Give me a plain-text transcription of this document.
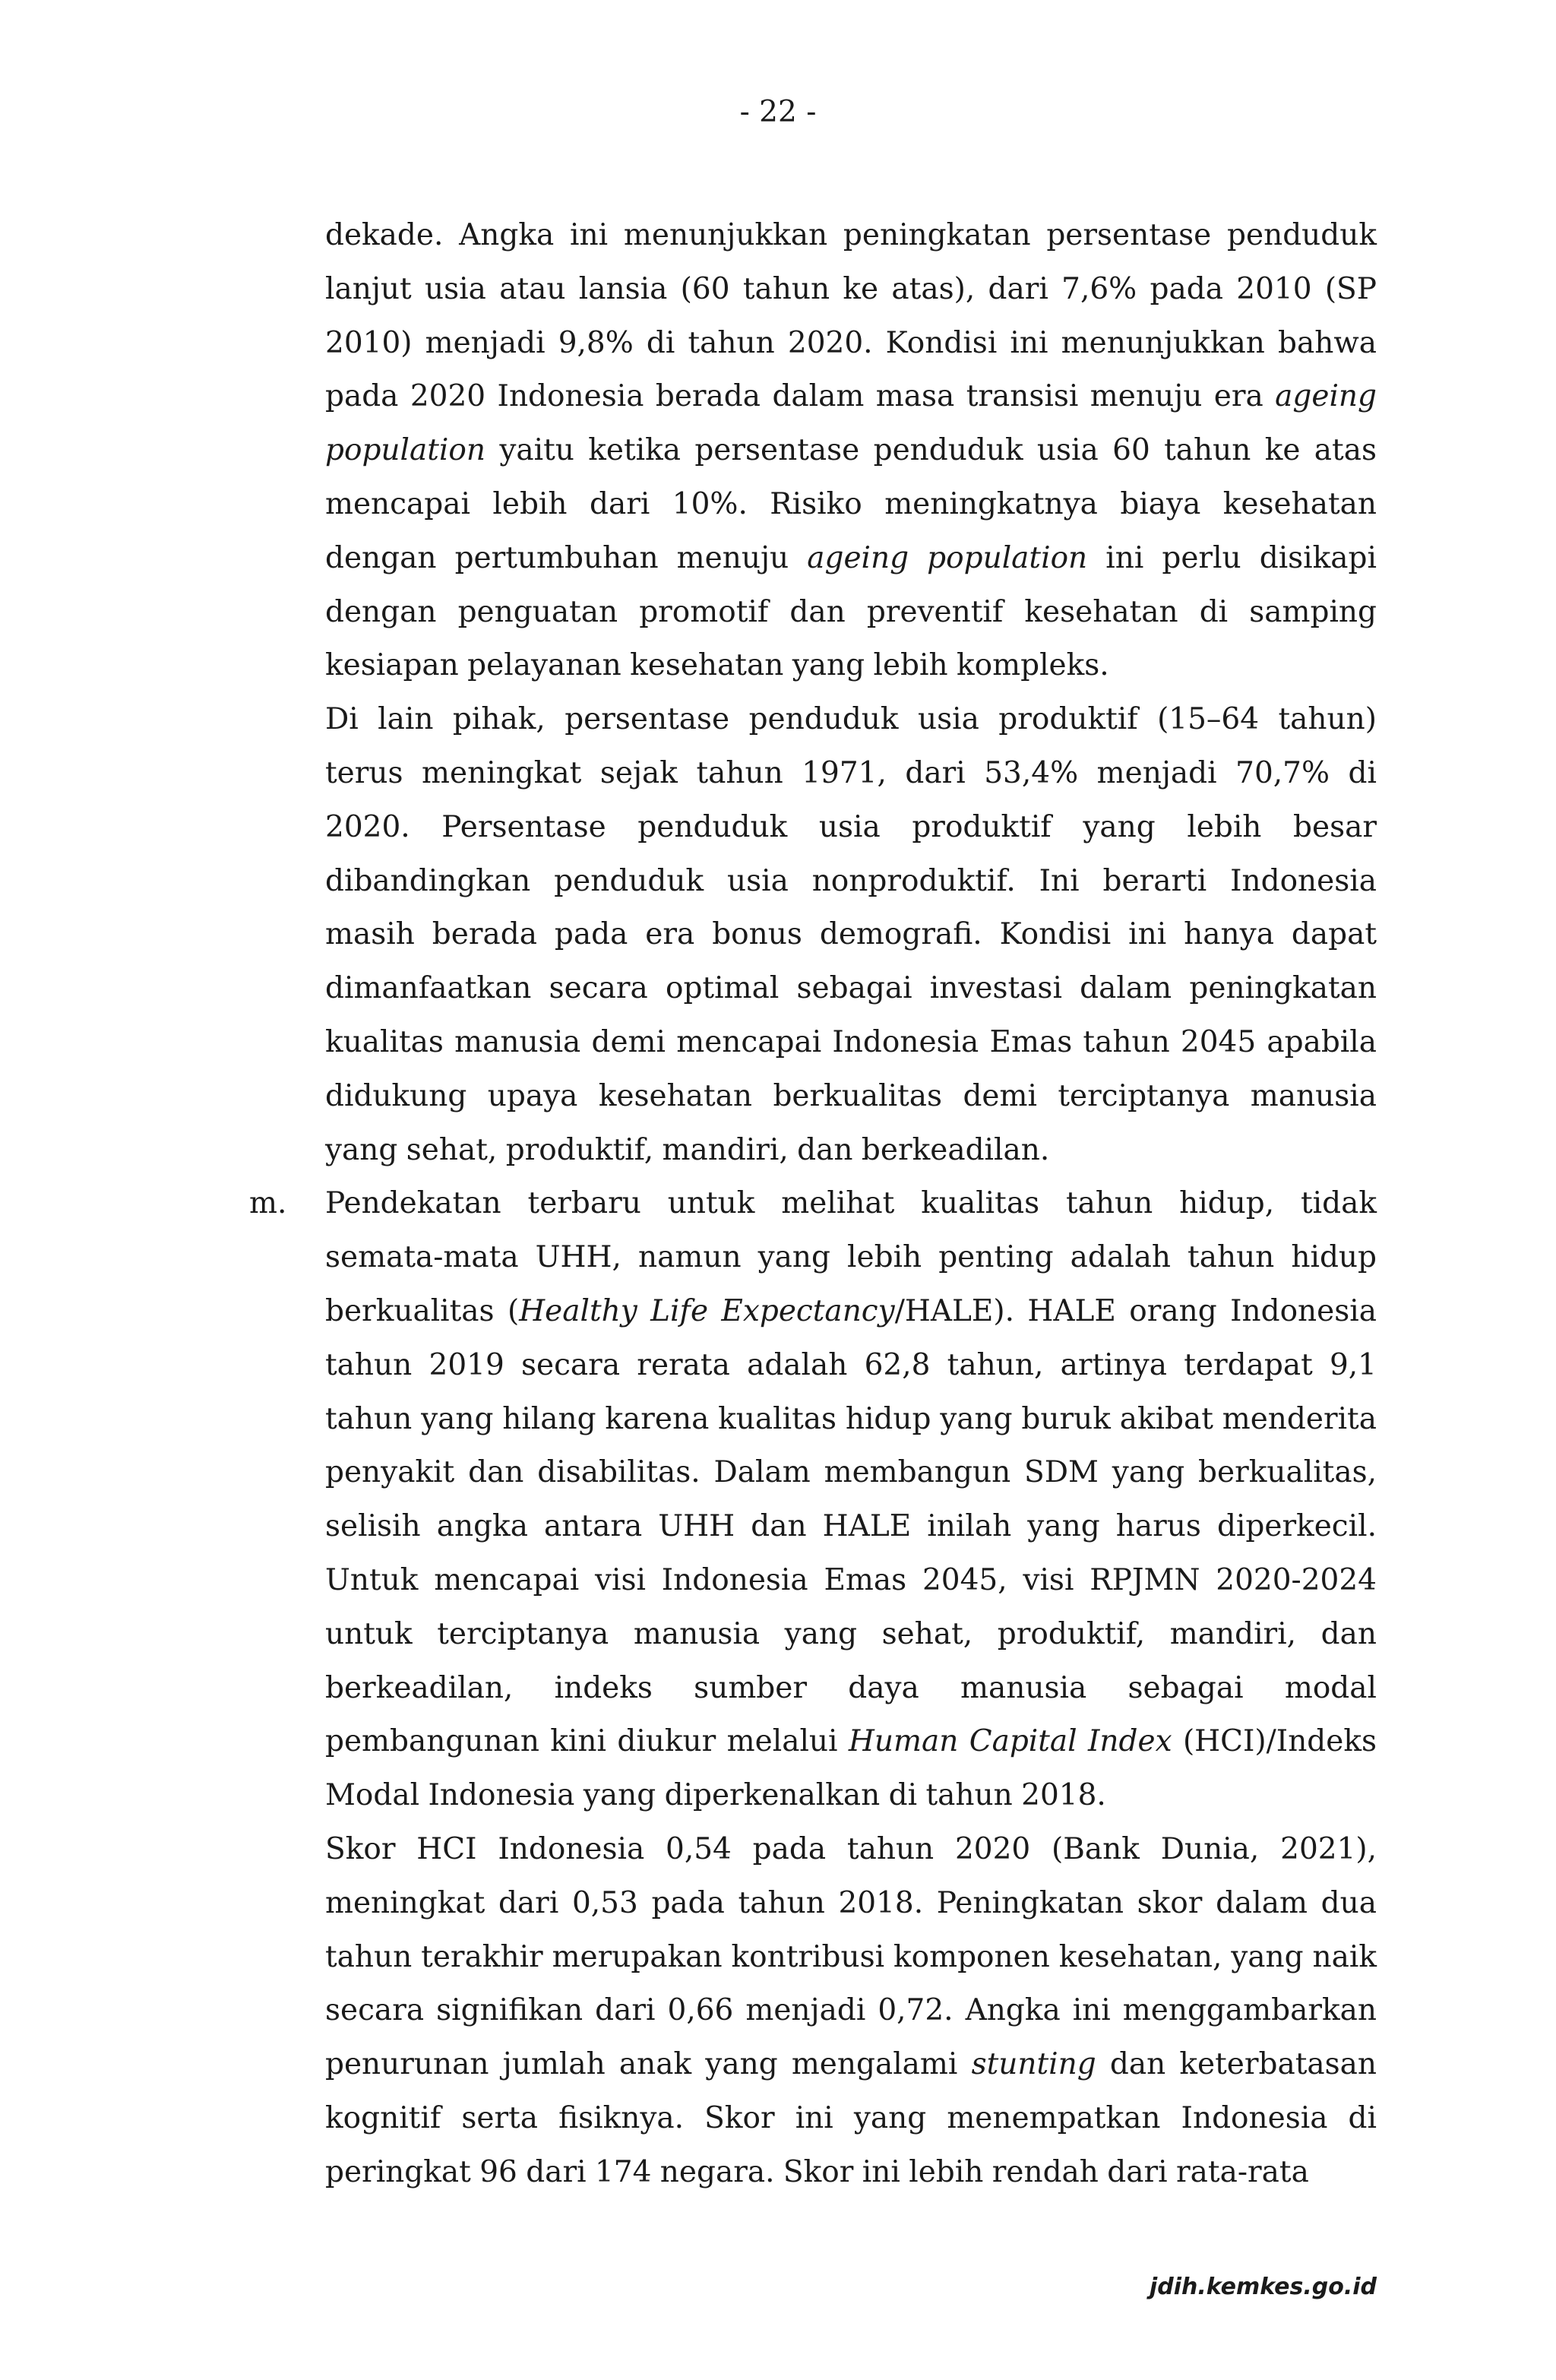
- 22 -

dekade. Angka ini menunjukkan peningkatan persentase penduduk lanjut usia atau lansia (60 tahun ke atas), dari 7,6% pada 2010 (SP 2010) menjadi 9,8% di tahun 2020. Kondisi ini menunjukkan bahwa pada 2020 Indonesia berada dalam masa transisi menuju era ageing population yaitu ketika persentase penduduk usia 60 tahun ke atas mencapai lebih dari 10%. Risiko meningkatnya biaya kesehatan dengan pertumbuhan menuju ageing population ini perlu disikapi dengan penguatan promotif dan preventif kesehatan di samping kesiapan pelayanan kesehatan yang lebih kompleks.

Di lain pihak, persentase penduduk usia produktif (15–64 tahun) terus meningkat sejak tahun 1971, dari 53,4% menjadi 70,7% di 2020. Persentase penduduk usia produktif yang lebih besar dibandingkan penduduk usia nonproduktif. Ini berarti Indonesia masih berada pada era bonus demografi. Kondisi ini hanya dapat dimanfaatkan secara optimal sebagai investasi dalam peningkatan kualitas manusia demi mencapai Indonesia Emas tahun 2045 apabila didukung upaya kesehatan berkualitas demi terciptanya manusia yang sehat, produktif, mandiri, dan berkeadilan.

m.	Pendekatan terbaru untuk melihat kualitas tahun hidup, tidak semata-mata UHH, namun yang lebih penting adalah tahun hidup berkualitas (Healthy Life Expectancy/HALE). HALE orang Indonesia tahun 2019 secara rerata adalah 62,8 tahun, artinya terdapat 9,1 tahun yang hilang karena kualitas hidup yang buruk akibat menderita penyakit dan disabilitas. Dalam membangun SDM yang berkualitas, selisih angka antara UHH dan HALE inilah yang harus diperkecil. Untuk mencapai visi Indonesia Emas 2045, visi RPJMN 2020-2024 untuk terciptanya manusia yang sehat, produktif, mandiri, dan berkeadilan, indeks sumber daya manusia sebagai modal pembangunan kini diukur melalui Human Capital Index (HCI)/Indeks Modal Indonesia yang diperkenalkan di tahun 2018.

Skor HCI Indonesia 0,54 pada tahun 2020 (Bank Dunia, 2021), meningkat dari 0,53 pada tahun 2018. Peningkatan skor dalam dua tahun terakhir merupakan kontribusi komponen kesehatan, yang naik secara signifikan dari 0,66 menjadi 0,72. Angka ini menggambarkan penurunan jumlah anak yang mengalami stunting dan keterbatasan kognitif serta fisiknya. Skor ini yang menempatkan Indonesia di peringkat 96 dari 174 negara. Skor ini lebih rendah dari rata-rata

jdih.kemkes.go.id
